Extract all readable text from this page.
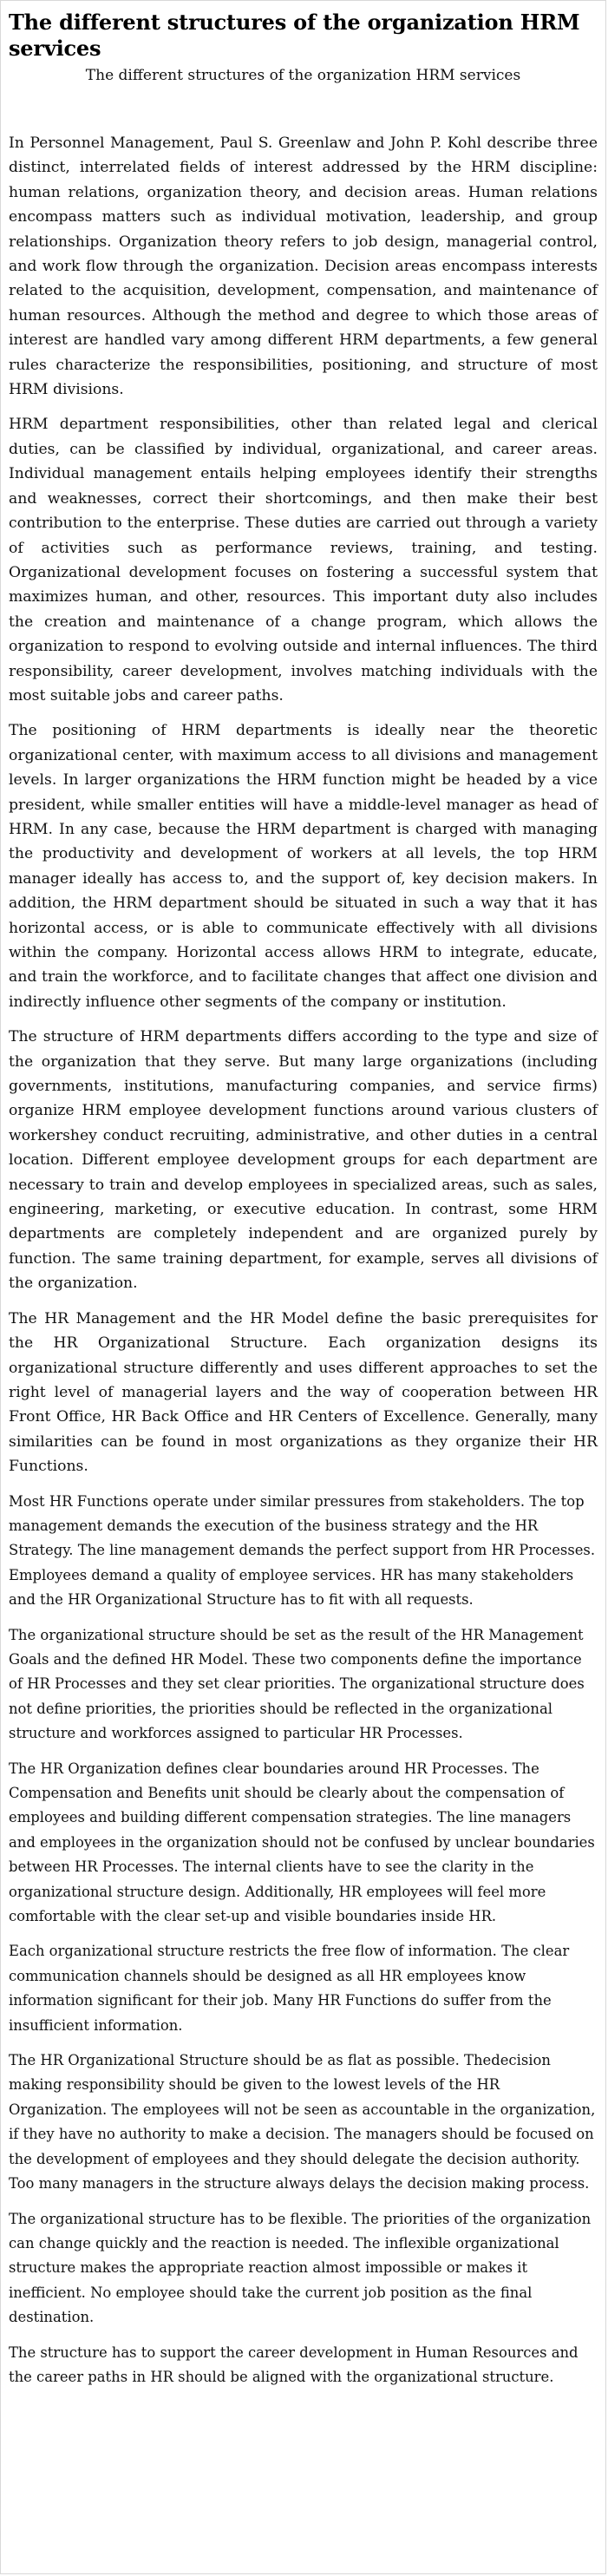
The different structures of the organization HRM services
The different structures of the organization HRM services

In Personnel Management, Paul S. Greenlaw and John P. Kohl describe three distinct, interrelated fields of interest addressed by the HRM discipline: human relations, organization theory, and decision areas. Human relations encompass matters such as individual motivation, leadership, and group relationships. Organization theory refers to job design, managerial control, and work flow through the organization. Decision areas encompass interests related to the acquisition, development, compensation, and maintenance of human resources. Although the method and degree to which those areas of interest are handled vary among different HRM departments, a few general rules characterize the responsibilities, positioning, and structure of most HRM divisions.

HRM department responsibilities, other than related legal and clerical duties, can be classified by individual, organizational, and career areas. Individual management entails helping employees identify their strengths and weaknesses, correct their shortcomings, and then make their best contribution to the enterprise. These duties are carried out through a variety of activities such as performance reviews, training, and testing. Organizational development focuses on fostering a successful system that maximizes human, and other, resources. This important duty also includes the creation and maintenance of a change program, which allows the organization to respond to evolving outside and internal influences. The third responsibility, career development, involves matching individuals with the most suitable jobs and career paths.

The positioning of HRM departments is ideally near the theoretic organizational center, with maximum access to all divisions and management levels. In larger organizations the HRM function might be headed by a vice president, while smaller entities will have a middle-level manager as head of HRM. In any case, because the HRM department is charged with managing the productivity and development of workers at all levels, the top HRM manager ideally has access to, and the support of, key decision makers. In addition, the HRM department should be situated in such a way that it has horizontal access, or is able to communicate effectively with all divisions within the company. Horizontal access allows HRM to integrate, educate, and train the workforce, and to facilitate changes that affect one division and indirectly influence other segments of the company or institution.

The structure of HRM departments differs according to the type and size of the organization that they serve. But many large organizations (including governments, institutions, manufacturing companies, and service firms) organize HRM employee development functions around various clusters of workershey conduct recruiting, administrative, and other duties in a central location. Different employee development groups for each department are necessary to train and develop employees in specialized areas, such as sales, engineering, marketing, or executive education. In contrast, some HRM departments are completely independent and are organized purely by function. The same training department, for example, serves all divisions of the organization.

The HR Management and the HR Model define the basic prerequisites for the HR Organizational Structure. Each organization designs its organizational structure differently and uses different approaches to set the right level of managerial layers and the way of cooperation between HR Front Office, HR Back Office and HR Centers of Excellence. Generally, many similarities can be found in most organizations as they organize their HR Functions.

Most HR Functions operate under similar pressures from stakeholders. The top management demands the execution of the business strategy and the HR Strategy. The line management demands the perfect support from HR Processes. Employees demand a quality of employee services. HR has many stakeholders and the HR Organizational Structure has to fit with all requests.

The organizational structure should be set as the result of the HR Management Goals and the defined HR Model. These two components define the importance of HR Processes and they set clear priorities. The organizational structure does not define priorities, the priorities should be reflected in the organizational structure and workforces assigned to particular HR Processes.

The HR Organization defines clear boundaries around HR Processes. The Compensation and Benefits unit should be clearly about the compensation of employees and building different compensation strategies. The line managers and employees in the organization should not be confused by unclear boundaries between HR Processes. The internal clients have to see the clarity in the organizational structure design. Additionally, HR employees will feel more comfortable with the clear set-up and visible boundaries inside HR.

Each organizational structure restricts the free flow of information. The clear communication channels should be designed as all HR employees know information significant for their job. Many HR Functions do suffer from the insufficient information.

The HR Organizational Structure should be as flat as possible. Thedecision making responsibility should be given to the lowest levels of the HR Organization. The employees will not be seen as accountable in the organization, if they have no authority to make a decision. The managers should be focused on the development of employees and they should delegate the decision authority. Too many managers in the structure always delays the decision making process.

The organizational structure has to be flexible. The priorities of the organization can change quickly and the reaction is needed. The inflexible organizational structure makes the appropriate reaction almost impossible or makes it inefficient. No employee should take the current job position as the final destination.

The structure has to support the career development in Human Resources and the career paths in HR should be aligned with the organizational structure.
